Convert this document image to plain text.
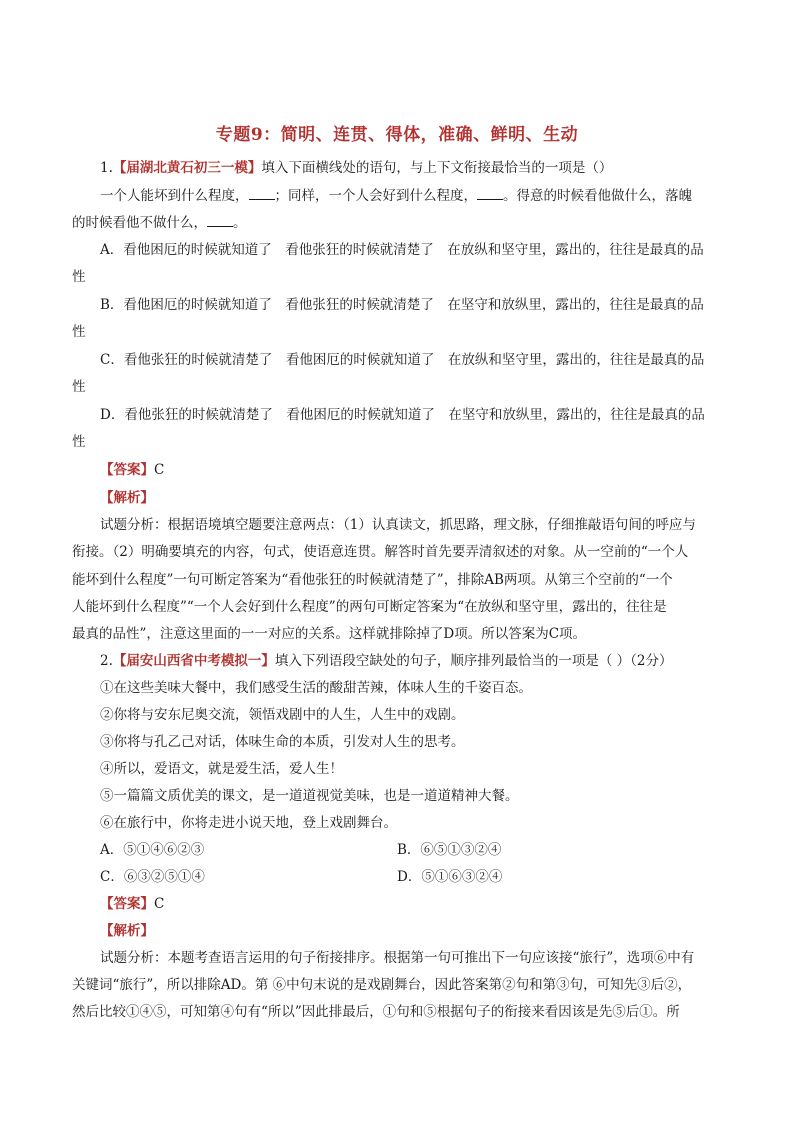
专题9：简明、连贯、得体，准确、鲜明、生动
1.【届湖北黄石初三一模】填入下面横线处的语句，与上下文衔接最恰当的一项是（）
一个人能坏到什么程度， ；同样，一个人会好到什么程度， 。得意的时候看他做什么，落魄
的时候看他不做什么， 。
A．看他困厄的时候就知道了　看他张狂的时候就清楚了　在放纵和坚守里，露出的，往往是最真的品
性
B．看他困厄的时候就知道了　看他张狂的时候就清楚了　在坚守和放纵里，露出的，往往是最真的品
性
C．看他张狂的时候就清楚了　看他困厄的时候就知道了　在放纵和坚守里，露出的，往往是最真的品
性
D．看他张狂的时候就清楚了　看他困厄的时候就知道了　在坚守和放纵里，露出的，往往是最真的品
性
【答案】C
【解析】
试题分析：根据语境填空题要注意两点：（1）认真读文，抓思路，理文脉，仔细推敲语句间的呼应与
衔接。（2）明确要填充的内容，句式，使语意连贯。解答时首先要弄清叙述的对象。从一空前的“一个人
能坏到什么程度”一句可断定答案为“看他张狂的时候就清楚了”，排除AB两项。从第三个空前的“一个
人能坏到什么程度”“一个人会好到什么程度”的两句可断定答案为“在放纵和坚守里，露出的，往往是
最真的品性”，注意这里面的一一对应的关系。这样就排除掉了D项。所以答案为C项。
2.【届安山西省中考模拟一】填入下列语段空缺处的句子，顺序排列最恰当的一项是（ ）（2分）
①在这些美味大餐中，我们感受生活的酸甜苦辣，体味人生的千姿百态。
②你将与安东尼奥交流，领悟戏剧中的人生，人生中的戏剧。
③你将与孔乙己对话，体味生命的本质，引发对人生的思考。
④所以，爱语文，就是爱生活，爱人生！
⑤一篇篇文质优美的课文，是一道道视觉美味，也是一道道精神大餐。
⑥在旅行中，你将走进小说天地，登上戏剧舞台。
A．⑤①④⑥②③	B．⑥⑤①③②④
C．⑥③②⑤①④	D．⑤①⑥③②④
【答案】C
【解析】
试题分析：本题考查语言运用的句子衔接排序。根据第一句可推出下一句应该接“旅行”，选项⑥中有
关键词“旅行”，所以排除AD。第 ⑥中句末说的是戏剧舞台，因此答案第②句和第③句，可知先③后②，
然后比较①④⑤，可知第④句有“所以”因此排最后，①句和⑤根据句子的衔接来看因该是先⑤后①。所
